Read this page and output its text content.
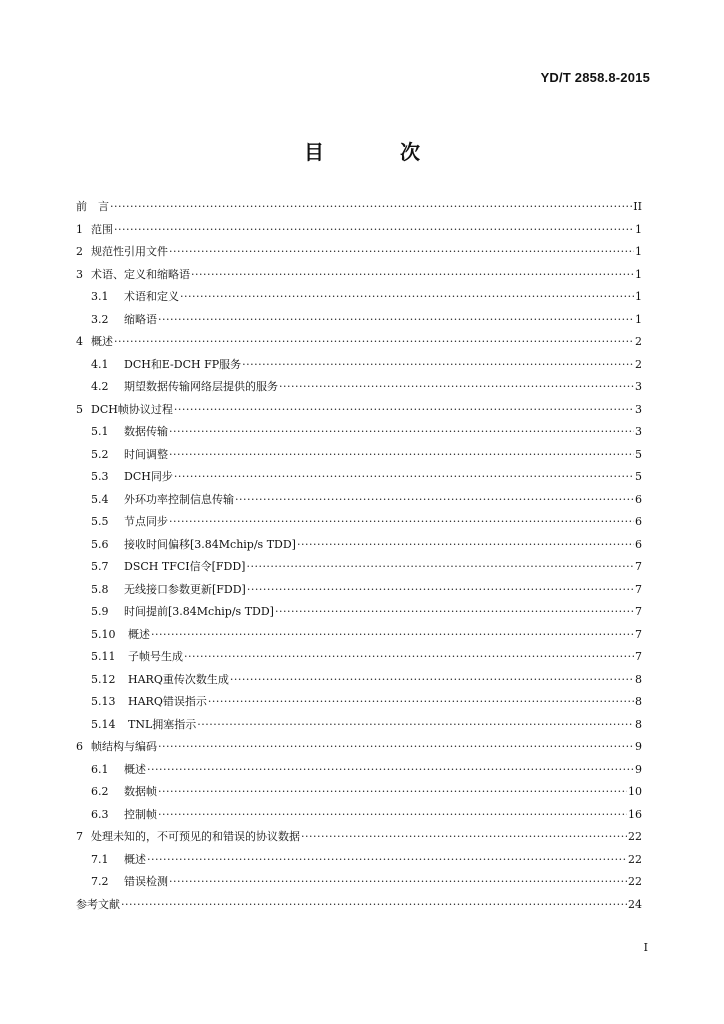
YD/T 2858.8-2015
目　次
前　言 ·····	II
1 范围 ·····	1
2 规范性引用文件 ·····	1
3 术语、定义和缩略语 ·····	1
3.1	术语和定义 ·····	1
3.2	缩略语 ·····	1
4 概述 ·····	2
4.1	DCH和E-DCH FP服务 ·····	2
4.2	期望数据传输网络层提供的服务 ·····	3
5 DCH帧协议过程 ·····	3
5.1	数据传输 ·····	3
5.2	时间调整 ·····	5
5.3	DCH同步 ·····	5
5.4	外环功率控制信息传输 ·····	6
5.5	节点同步 ·····	6
5.6	接收时间偏移[3.84Mchip/s TDD] ·····	6
5.7	DSCH TFCI信令[FDD] ·····	7
5.8	无线接口参数更新[FDD] ·····	7
5.9	时间提前[3.84Mchip/s TDD] ·····	7
5.10	概述 ·····	7
5.11	子帧号生成 ·····	7
5.12	HARQ重传次数生成 ·····	8
5.13	HARQ错误指示 ·····	8
5.14	TNL拥塞指示 ·····	8
6 帧结构与编码 ·····	9
6.1	概述 ·····	9
6.2	数据帧 ·····	10
6.3	控制帧 ·····	16
7 处理未知的，不可预见的和错误的协议数据 ·····	22
7.1	概述 ·····	22
7.2	错误检测 ·····	22
参考文献 ·····	24
I
